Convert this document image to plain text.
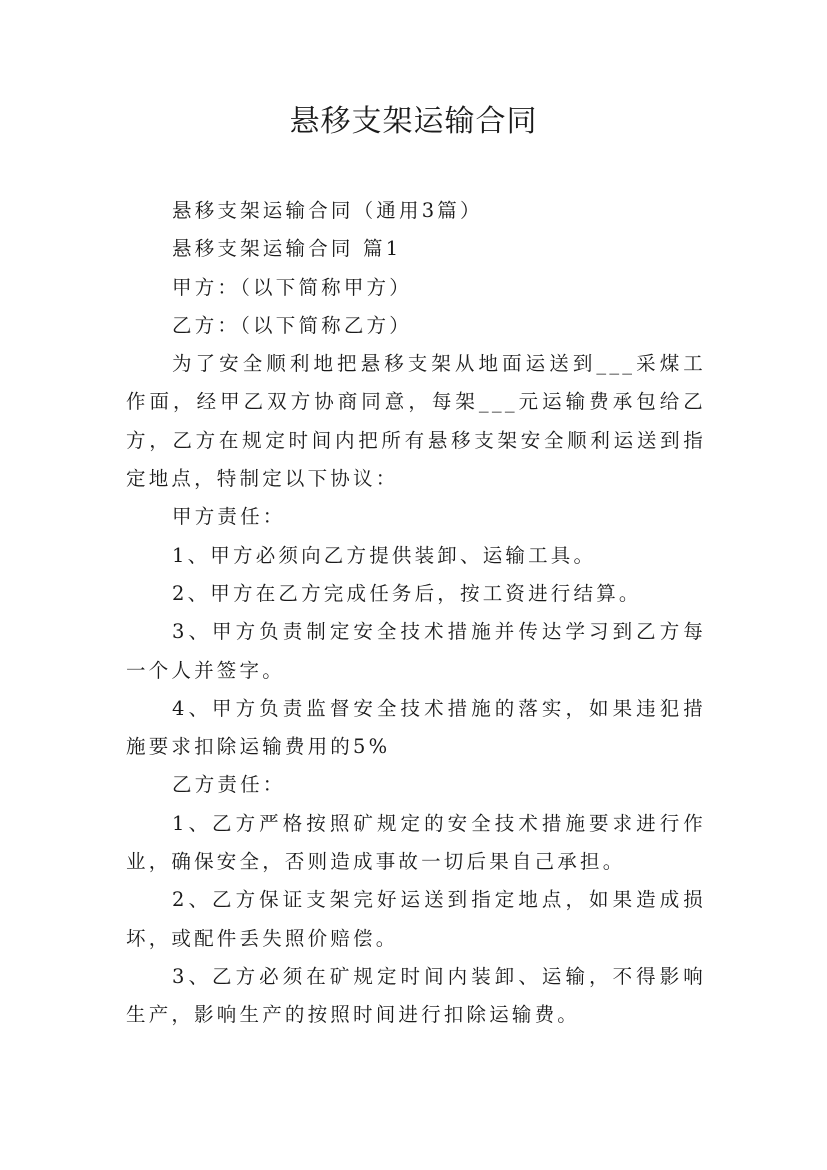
悬移支架运输合同

悬移支架运输合同（通用3篇）

悬移支架运输合同 篇1

甲方：（以下简称甲方）

乙方：（以下简称乙方）

为了安全顺利地把悬移支架从地面运送到___采煤工作面，经甲乙双方协商同意，每架___元运输费承包给乙方，乙方在规定时间内把所有悬移支架安全顺利运送到指定地点，特制定以下协议：

甲方责任：

1、甲方必须向乙方提供装卸、运输工具。

2、甲方在乙方完成任务后，按工资进行结算。

3、甲方负责制定安全技术措施并传达学习到乙方每一个人并签字。

4、甲方负责监督安全技术措施的落实，如果违犯措施要求扣除运输费用的5%

乙方责任：

1、乙方严格按照矿规定的安全技术措施要求进行作业，确保安全，否则造成事故一切后果自己承担。

2、乙方保证支架完好运送到指定地点，如果造成损坏，或配件丢失照价赔偿。

3、乙方必须在矿规定时间内装卸、运输，不得影响生产，影响生产的按照时间进行扣除运输费。
